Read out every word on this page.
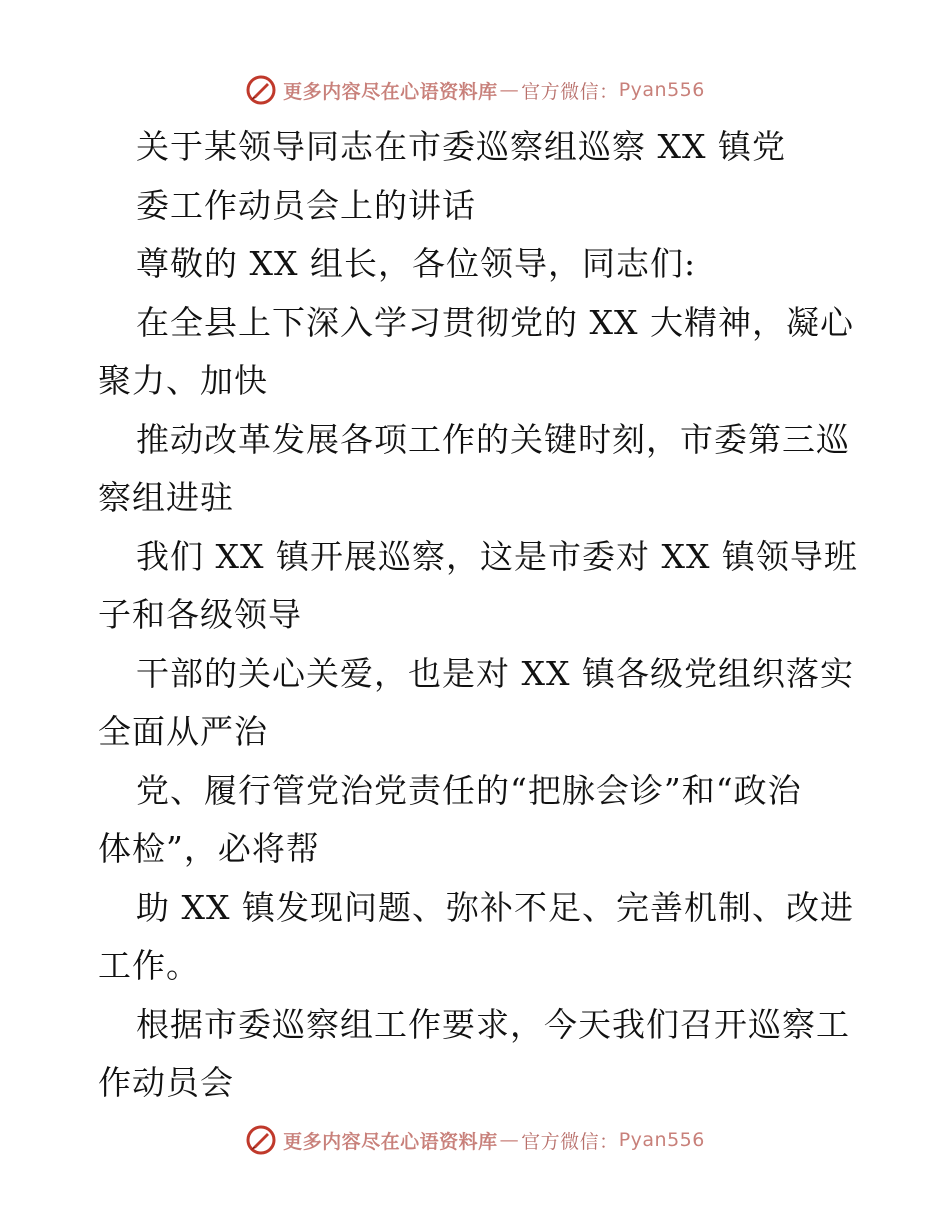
更多内容尽在心语资料库 — 官方微信： Pyan556
关于某领导同志在市委巡察组巡察 XX 镇党
委工作动员会上的讲话
尊敬的 XX 组长，各位领导，同志们:
在全县上下深入学习贯彻党的 XX 大精神，凝心
聚力、加快
推动改革发展各项工作的关键时刻，市委第三巡
察组进驻
我们 XX 镇开展巡察，这是市委对 XX 镇领导班
子和各级领导
干部的关心关爱，也是对 XX 镇各级党组织落实
全面从严治
党、履行管党治党责任的“把脉会诊”和“政治
体检”，必将帮
助 XX 镇发现问题、弥补不足、完善机制、改进
工作。
根据市委巡察组工作要求，今天我们召开巡察工
作动员会
更多内容尽在心语资料库 — 官方微信： Pyan556
